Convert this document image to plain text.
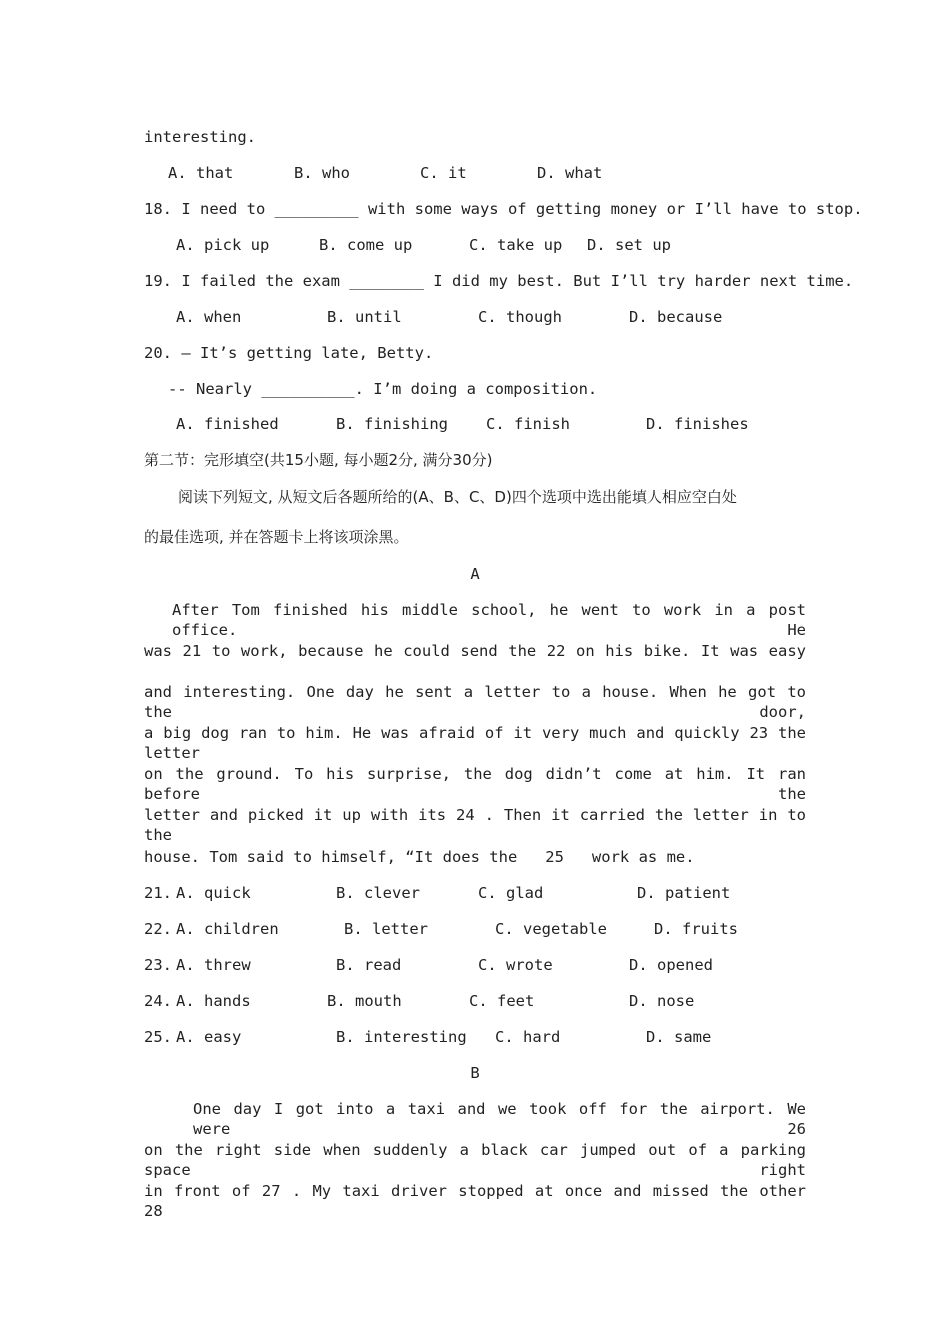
interesting.
A. that	B. who	C. it	D. what
18. I need to _________ with some ways of getting money or I’ll have to stop.
A. pick up	B. come up	C. take up D. set up
19. I failed the exam ________ I did my best. But I’ll try harder next time.
A. when	B. until	C. though	D. because
20. – It’s getting late, Betty.
-- Nearly __________. I’m doing a composition.
A. finished	B. finishing C. finish	D. finishes
第二节：完形填空(共15小题, 每小题2分, 满分30分)
阅读下列短文, 从短文后各题所给的(A、B、C、D)四个选项中选出能填人相应空白处
的最佳选项, 并在答题卡上将该项涂黑。
A
After Tom finished his middle school, he went to work in a post office. He
was 21 to work, because he could send the 22 on his bike. It was easy
and interesting. One day he sent a letter to a house. When he got to the door,
a big dog ran to him. He was afraid of it very much and quickly 23 the letter
on the ground. To his surprise, the dog didn’t come at him. It ran before the
letter and picked it up with its 24 . Then it carried the letter in to the
house. Tom said to himself, “It does the   25   work as me.
21. A. quick	B. clever	C. glad	D. patient
22. A. children	B. letter	C. vegetable	D. fruits
23. A. threw	B. read	C. wrote	D. opened
24. A. hands	B. mouth	C. feet	D. nose
25. A. easy	B. interesting C. hard	D. same
B
One day I got into a taxi and we took off for the airport. We were 26
on the right side when suddenly a black car jumped out of a parking space right
in front of 27 . My taxi driver stopped at once and missed the other 28
